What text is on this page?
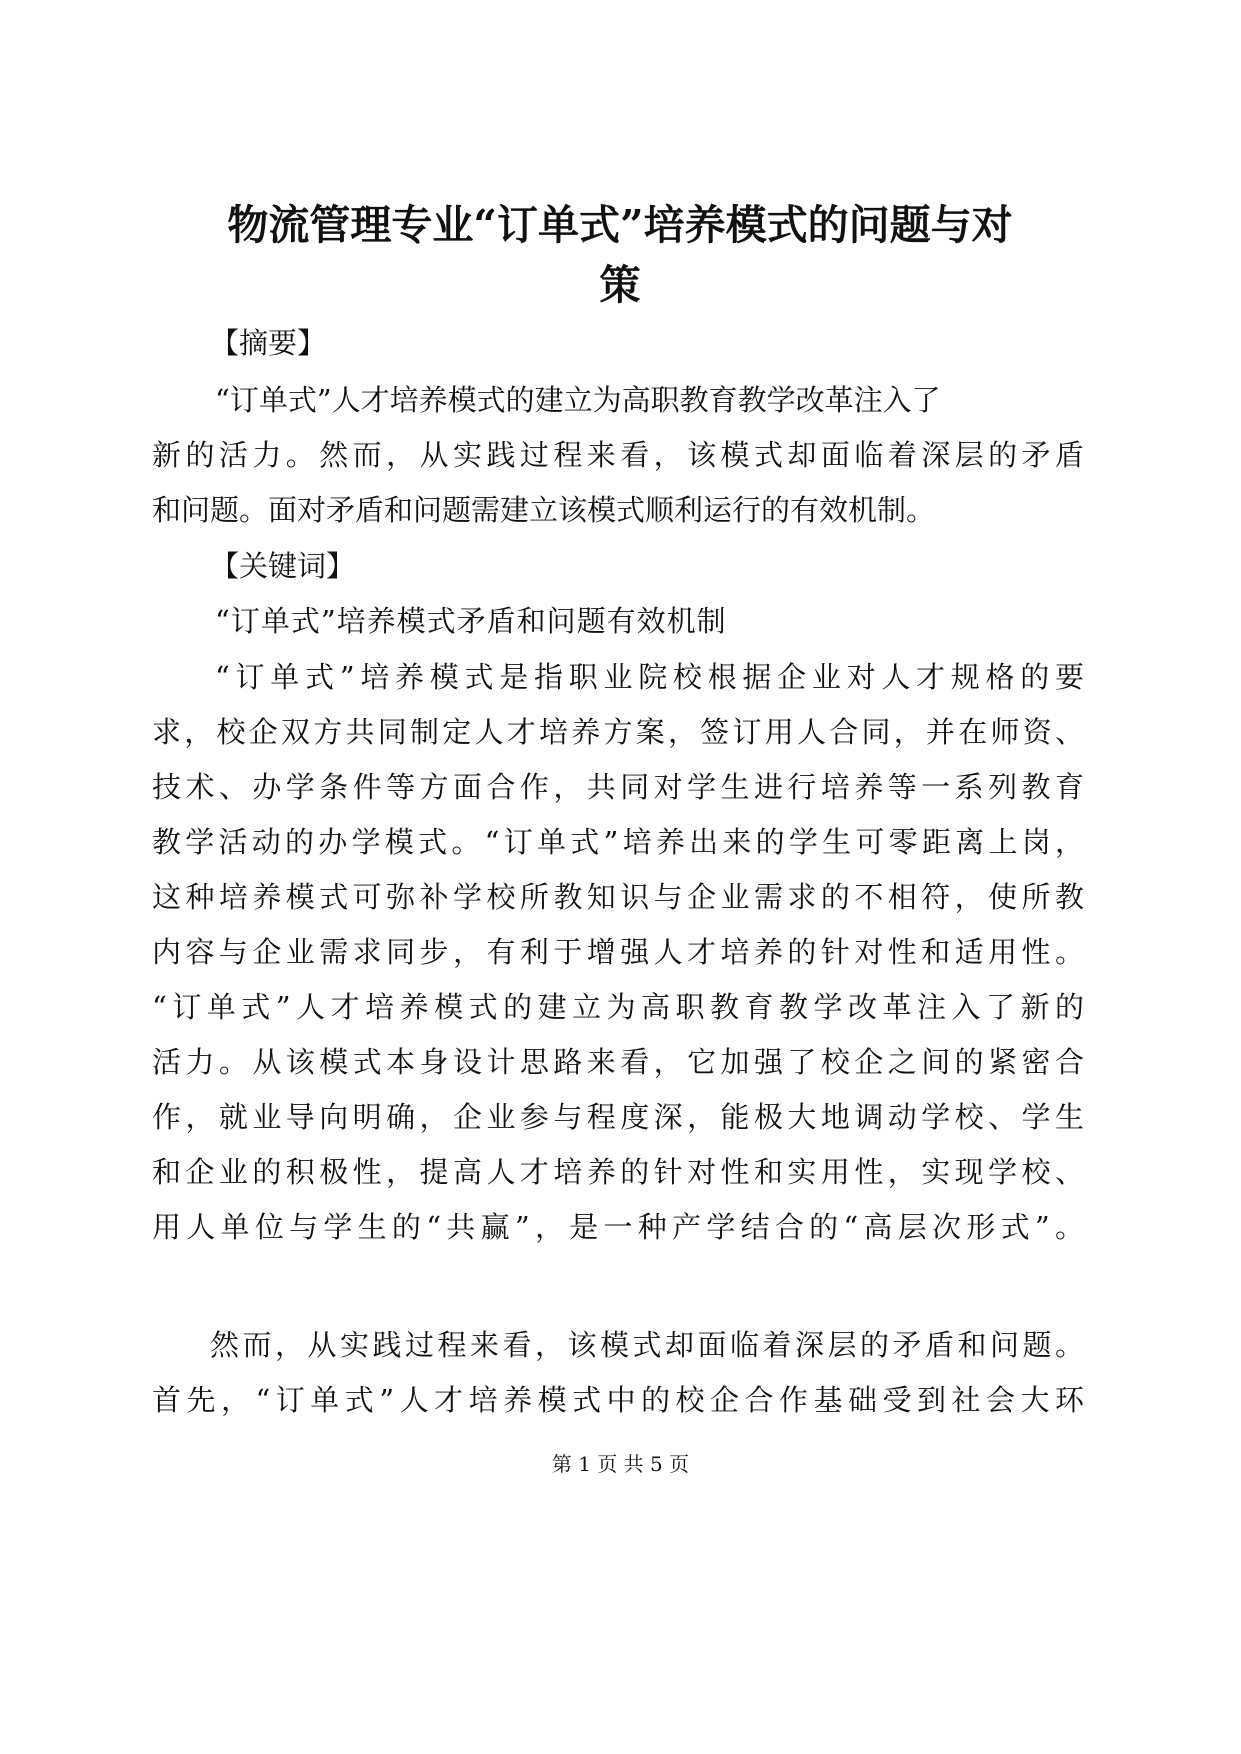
物流管理专业“订单式”培养模式的问题与对
策
【摘要】
“订单式”人才培养模式的建立为高职教育教学改革注入了
新的活力。然而，从实践过程来看，该模式却面临着深层的矛盾
和问题。面对矛盾和问题需建立该模式顺利运行的有效机制。
【关键词】
“订单式”培养模式矛盾和问题有效机制
“订单式”培养模式是指职业院校根据企业对人才规格的要
求，校企双方共同制定人才培养方案，签订用人合同，并在师资、
技术、办学条件等方面合作，共同对学生进行培养等一系列教育
教学活动的办学模式。“订单式”培养出来的学生可零距离上岗，
这种培养模式可弥补学校所教知识与企业需求的不相符，使所教
内容与企业需求同步，有利于增强人才培养的针对性和适用性。
“订单式”人才培养模式的建立为高职教育教学改革注入了新的
活力。从该模式本身设计思路来看，它加强了校企之间的紧密合
作，就业导向明确，企业参与程度深，能极大地调动学校、学生
和企业的积极性，提高人才培养的针对性和实用性，实现学校、
用人单位与学生的“共赢”，是一种产学结合的“高层次形式”。
然而，从实践过程来看，该模式却面临着深层的矛盾和问题。
首先，“订单式”人才培养模式中的校企合作基础受到社会大环
第 1 页 共 5 页
